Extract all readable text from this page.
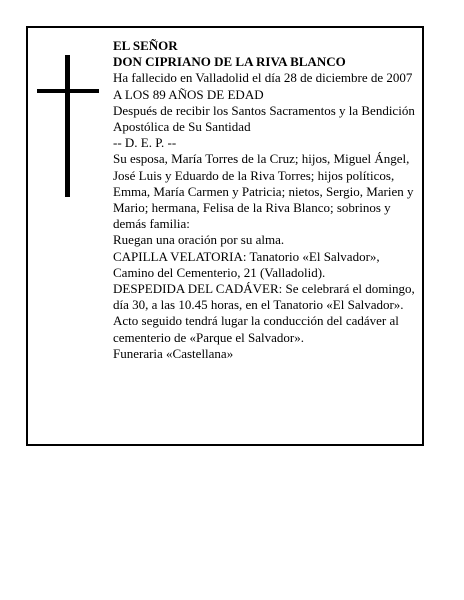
EL SEÑOR

DON CIPRIANO DE LA RIVA BLANCO

Ha fallecido en Valladolid el día 28 de diciembre de 2007

A LOS 89 AÑOS DE EDAD

Después de recibir los Santos Sacramentos y la Bendición Apostólica de Su Santidad

-- D. E. P. --

Su esposa, María Torres de la Cruz; hijos, Miguel Ángel, José Luis y Eduardo de la Riva Torres; hijos políticos, Emma, María Carmen y Patricia; nietos, Sergio, Marien y Mario; hermana, Felisa de la Riva Blanco; sobrinos y demás familia:

Ruegan una oración por su alma.

CAPILLA VELATORIA: Tanatorio «El Salvador», Camino del Cementerio, 21 (Valladolid).

DESPEDIDA DEL CADÁVER: Se celebrará el domingo, día 30, a las 10.45 horas, en el Tanatorio «El Salvador». Acto seguido tendrá lugar la conducción del cadáver al cementerio de «Parque el Salvador».

Funeraria «Castellana»
